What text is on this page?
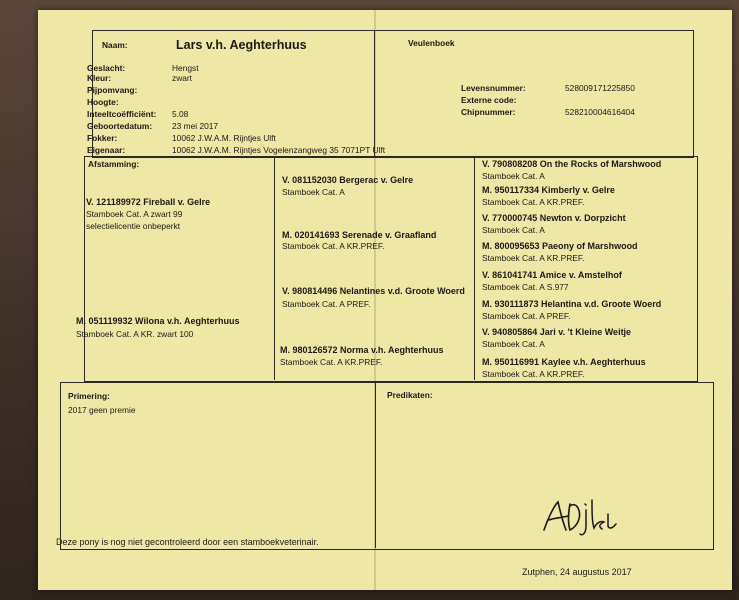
Naam:	Lars v.h. Aeghterhuus	Veulenboek
Geslacht:	Hengst
Kleur:	zwart
Pijpomvang:
Hoogte:
Inteeltcoëfficiënt: 5.08
Geboortedatum: 23 mei 2017
Fokker:	10062 J.W.A.M. Rijntjes Ulft
Eigenaar:	10062 J.W.A.M. Rijntjes Vogelenzangweg 35 7071PT Ulft
Levensnummer:	528009171225850
Externe code:
Chipnummer:	528210004616404
Afstamming:
V. 121189972 Fireball v. Gelre
Stamboek Cat. A zwart 99
selectielicentie onbeperkt
M. 051119932 Wilona v.h. Aeghterhuus
Stamboek Cat. A KR. zwart 100
V. 081152030 Bergerac v. Gelre
Stamboek Cat. A
M. 020141693 Serenade v. Graafland
Stamboek Cat. A KR.PREF.
V. 980814496 Nelantines v.d. Groote Woerd
Stamboek Cat. A PREF.
M. 980126572 Norma v.h. Aeghterhuus
Stamboek Cat. A KR.PREF.
V. 790808208 On the Rocks of Marshwood
Stamboek Cat. A
M. 950117334 Kimberly v. Gelre
Stamboek Cat. A KR.PREF.
V. 770000745 Newton v. Dorpzicht
Stamboek Cat. A
M. 800095653 Paeony of Marshwood
Stamboek Cat. A KR.PREF.
V. 861041741 Amice v. Amstelhof
Stamboek Cat. A S.977
M. 930111873 Helantina v.d. Groote Woerd
Stamboek Cat. A PREF.
V. 940805864 Jari v. 't Kleine Weitje
Stamboek Cat. A
M. 950116991 Kaylee v.h. Aeghterhuus
Stamboek Cat. A KR.PREF.
Primering:
2017 geen premie
Predikaten:
Deze pony is nog niet gecontroleerd door een stamboekveterinair.
Zutphen, 24 augustus 2017
